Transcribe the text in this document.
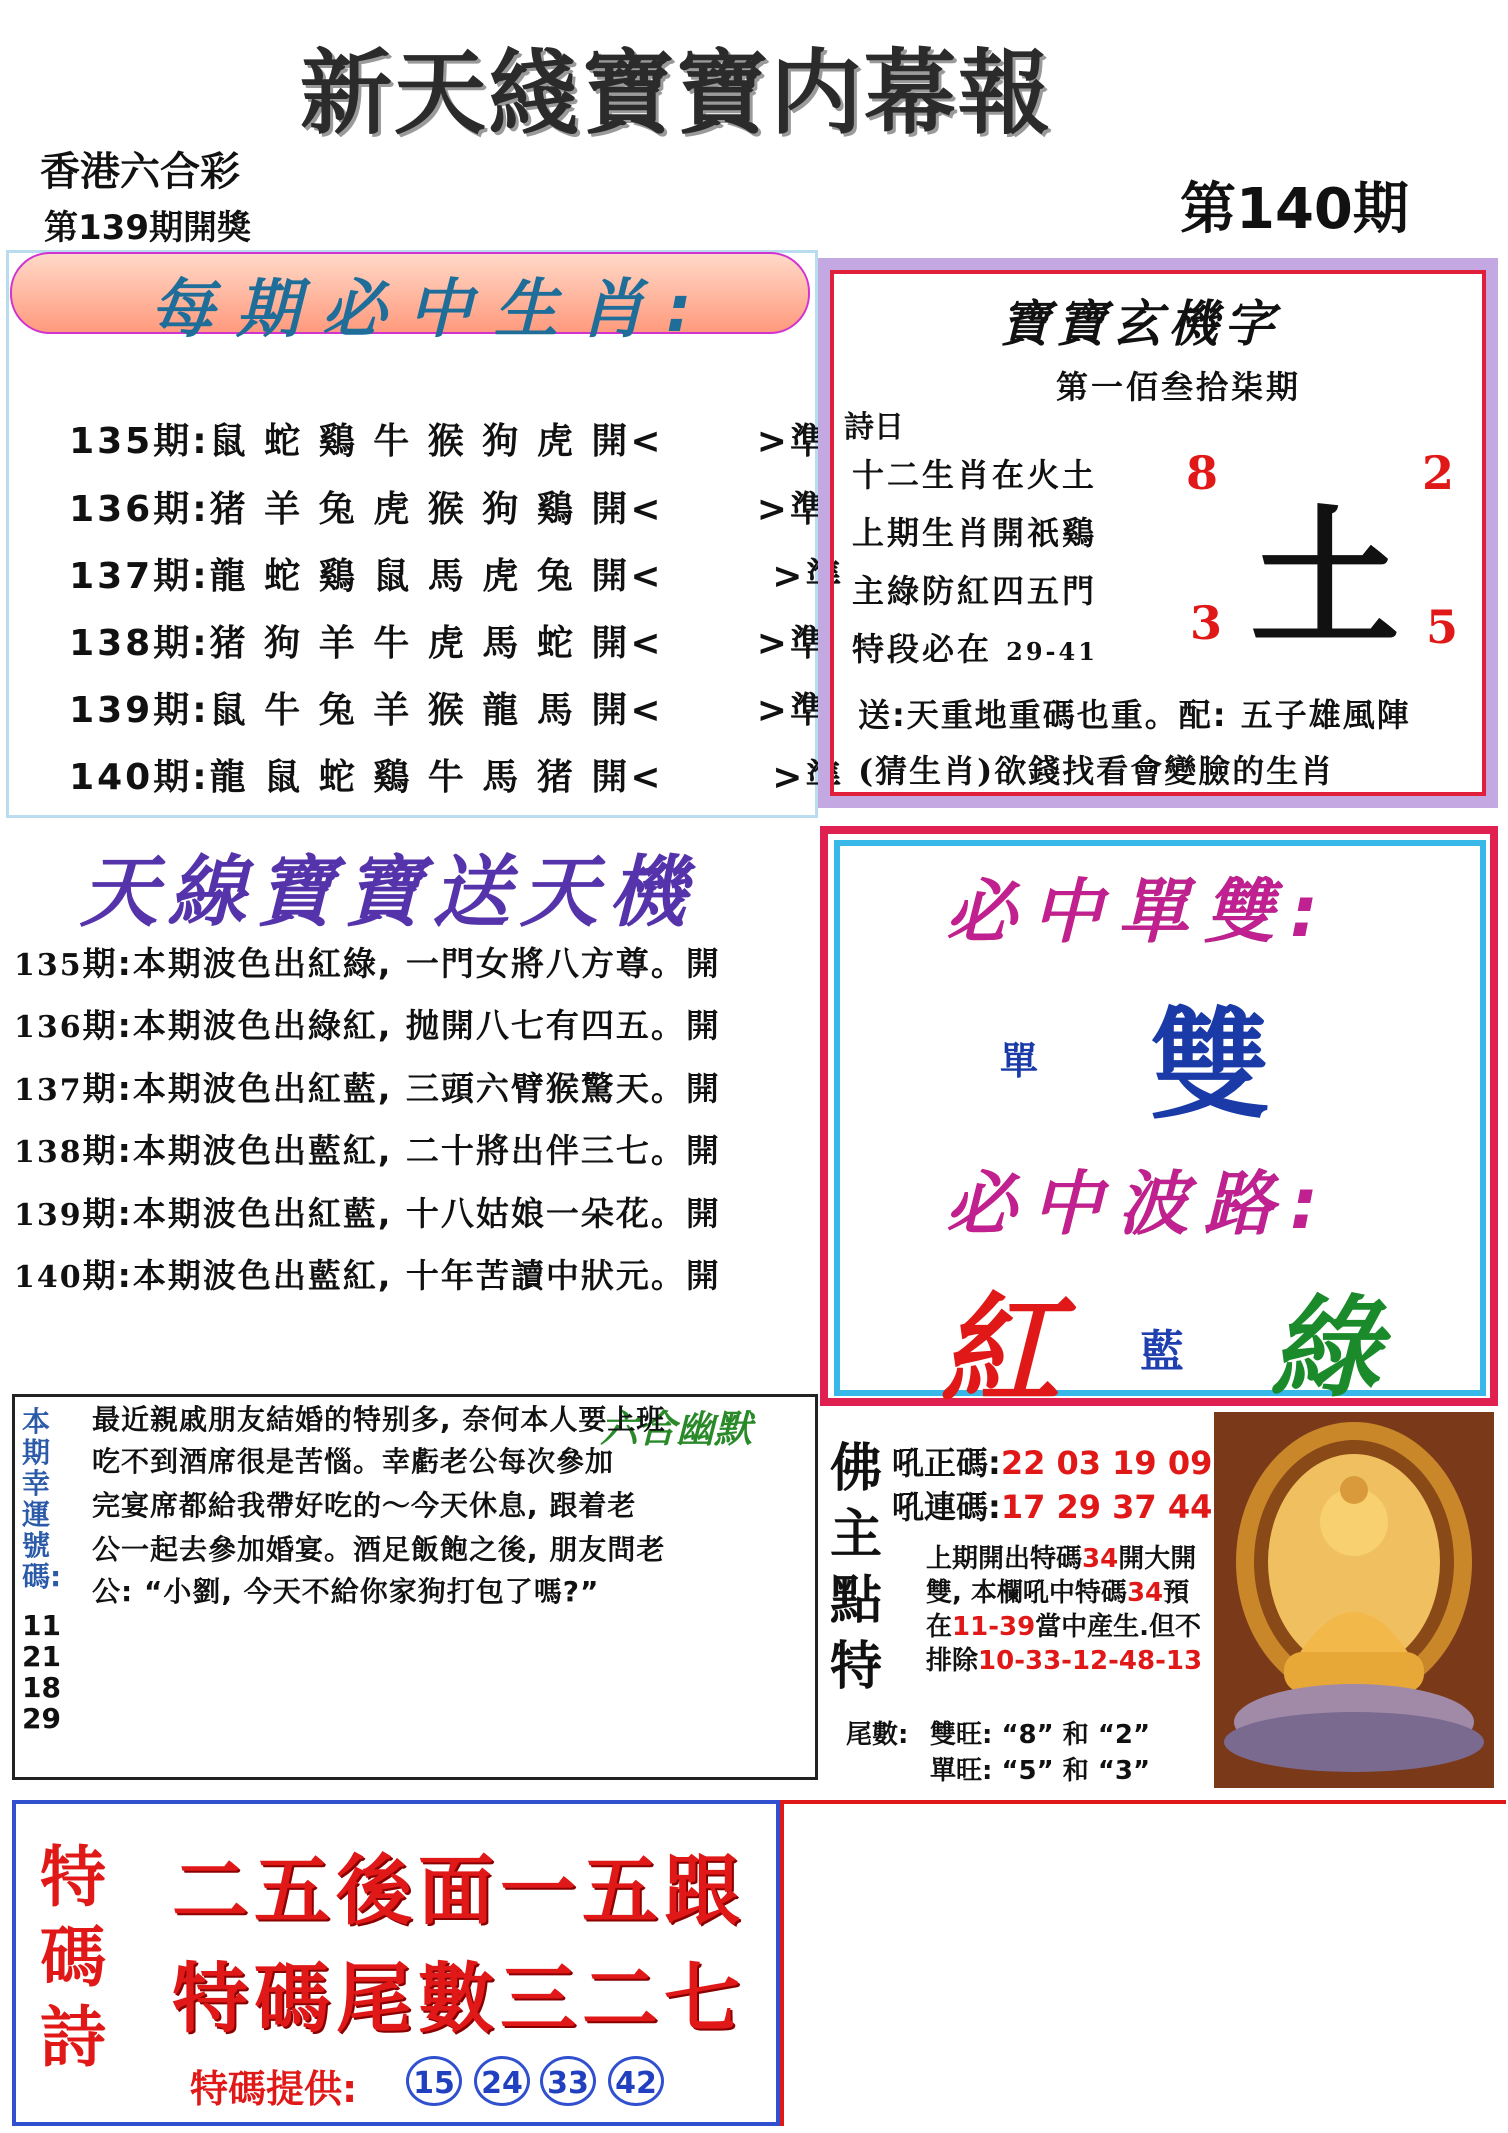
新天綫寶寶内幕報
香港六合彩
第139期開獎	第140期
每期必中生肖:

135期:鼠 蛇 鷄 牛 猴 狗 虎 開<	>準

136期:猪 羊 兔 虎 猴 狗 鷄 開<	>準

137期:龍 蛇 鷄 鼠 馬 虎 兔 開<	>準

138期:猪 狗 羊 牛 虎 馬 蛇 開<	>準

139期:鼠 牛 兔 羊 猴 龍 馬 開<	>準

140期:龍 鼠 蛇 鷄 牛 馬 猪 開<	>準

寶寶玄機字
第一佰叁拾柒期
詩日
十二生肖在火土
上期生肖開祇鷄
主綠防紅四五門
特段必在 29-41 土
8	2
3	5
送:天重地重碼也重。配: 五子雄風陣
(猜生肖)欲錢找看會變臉的生肖
天線寶寶送天機
135期:本期波色出紅綠, 一門女將八方尊。開
136期:本期波色出綠紅, 抛開八七有四五。開
137期:本期波色出紅藍, 三頭六臂猴驚天。開
138期:本期波色出藍紅, 二十將出伴三七。開
139期:本期波色出紅藍, 十八姑娘一朵花。開
140期:本期波色出藍紅, 十年苦讀中狀元。開
必中單雙:
單 雙
必中波路:
紅 藍 綠
本期幸運號碼:
11 21 18 29
六合幽默
最近親戚朋友結婚的特别多, 奈何本人要上班
吃不到酒席很是苦惱。幸虧老公每次參加
完宴席都給我帶好吃的～今天休息, 跟着老
公一起去參加婚宴。酒足飯飽之後, 朋友問老
公: “小劉, 今天不給你家狗打包了嗎?”
佛主點特
吼正碼:22 03 19 09
吼連碼:17 29 37 44
上期開出特碼34開大開
雙, 本欄吼中特碼34預
在11-39當中産生.但不
排除10-33-12-48-13
尾數: 雙旺: “8” 和 “2”
單旺: “5” 和 “3”
特碼詩
二五後面一五跟
特碼尾數三二七
特碼提供: 15 24 33 42
